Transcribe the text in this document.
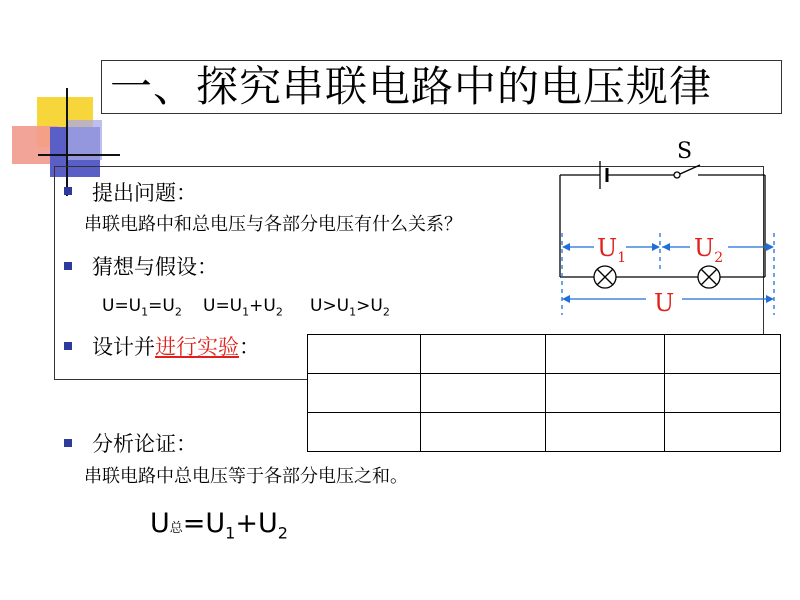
一、探究串联电路中的电压规律
提出问题：
串联电路中和总电压与各部分电压有什么关系？
猜想与假设：
$U=U_1=U_2$ $U=U_1+U_2$ $U>U_1>U_2$
设计并进行实验：

分析论证：
串联电路中总电压等于各部分电压之和。
U总$=U_1+U_2$
S
$U_1$	$U_2$
U
